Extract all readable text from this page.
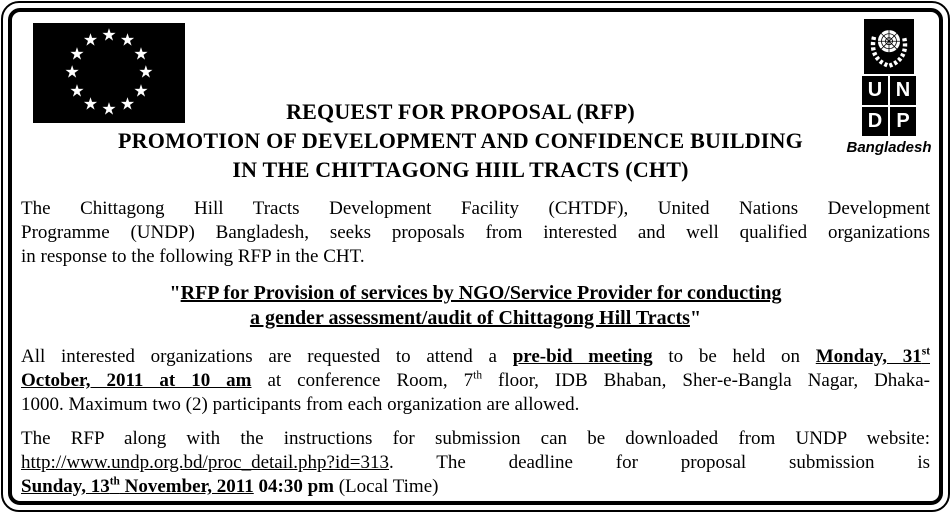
★ ★
★
★
★
★
★
★
★
★
★
★
REQUEST FOR PROPOSAL (RFP)
PROMOTION OF DEVELOPMENT AND CONFIDENCE BUILDING
IN THE CHITTAGONG HIIL TRACTS (CHT)
U N
D P
Bangladesh
The Chittagong Hill Tracts Development Facility (CHTDF), United Nations Development
Programme (UNDP) Bangladesh, seeks proposals from interested and well qualified organizations
in response to the following RFP in the CHT.
"RFP for Provision of services by NGO/Service Provider for conducting
a gender assessment/audit of Chittagong Hill Tracts"
All interested organizations are requested to attend a pre-bid meeting to be held on Monday, 31st
October, 2011 at 10 am at conference Room, 7th floor, IDB Bhaban, Sher-e-Bangla Nagar, Dhaka-
1000. Maximum two (2) participants from each organization are allowed.
The RFP along with the instructions for submission can be downloaded from UNDP website:
http://www.undp.org.bd/proc_detail.php?id=313. The deadline for proposal submission is
Sunday, 13th November, 2011 04:30 pm (Local Time)
